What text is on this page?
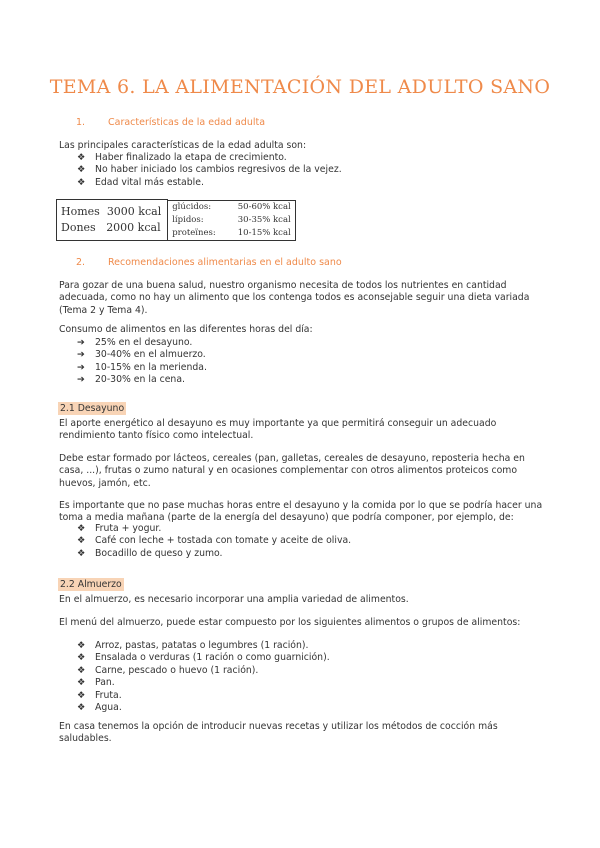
TEMA 6. LA ALIMENTACIÓN DEL ADULTO SANO
1. Características de la edad adulta

Las principales características de la edad adulta son:

❖ Haber finalizado la etapa de crecimiento.
❖ No haber iniciado los cambios regresivos de la vejez.
❖ Edad vital más estable.
Homes 3000 kcal
Dones 2000 kcal

glúcidos:	50-60% kcal
lípidos:	30-35% kcal
proteïnes:	10-15% kcal
2. Recomendaciones alimentarias en el adulto sano

Para gozar de una buena salud, nuestro organismo necesita de todos los nutrientes en cantidad adecuada, como no hay un alimento que los contenga todos es aconsejable seguir una dieta variada (Tema 2 y Tema 4).

Consumo de alimentos en las diferentes horas del día:

➔ 25% en el desayuno.
➔ 30-40% en el almuerzo.
➔ 10-15% en la merienda.
➔ 20-30% en la cena.
2.1 Desayuno

El aporte energético al desayuno es muy importante ya que permitirá conseguir un adecuado rendimiento tanto físico como intelectual.

Debe estar formado por lácteos, cereales (pan, galletas, cereales de desayuno, reposteria hecha en casa, ...), frutas o zumo natural y en ocasiones complementar con otros alimentos proteicos como huevos, jamón, etc.

Es importante que no pase muchas horas entre el desayuno y la comida por lo que se podría hacer una toma a media mañana (parte de la energía del desayuno) que podría componer, por ejemplo, de:

❖ Fruta + yogur.
❖ Café con leche + tostada con tomate y aceite de oliva.
❖ Bocadillo de queso y zumo.
2.2 Almuerzo

En el almuerzo, es necesario incorporar una amplia variedad de alimentos.

El menú del almuerzo, puede estar compuesto por los siguientes alimentos o grupos de alimentos:

❖ Arroz, pastas, patatas o legumbres (1 ración).
❖ Ensalada o verduras (1 ración o como guarnición).
❖ Carne, pescado o huevo (1 ración).
❖ Pan.
❖ Fruta.
❖ Agua.

En casa tenemos la opción de introducir nuevas recetas y utilizar los métodos de cocción más saludables.
